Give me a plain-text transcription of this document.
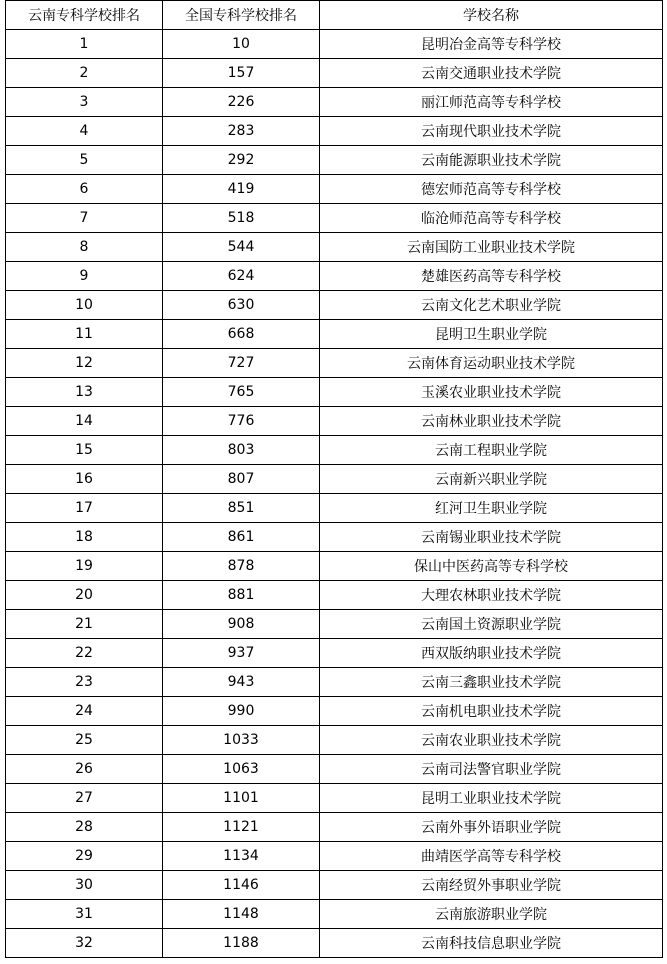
云南专科学校排名	全国专科学校排名	学校名称
1	10	昆明冶金高等专科学校
2	157	云南交通职业技术学院
3	226	丽江师范高等专科学校
4	283	云南现代职业技术学院
5	292	云南能源职业技术学院
6	419	德宏师范高等专科学校
7	518	临沧师范高等专科学校
8	544	云南国防工业职业技术学院
9	624	楚雄医药高等专科学校
10	630	云南文化艺术职业学院
11	668	昆明卫生职业学院
12	727	云南体育运动职业技术学院
13	765	玉溪农业职业技术学院
14	776	云南林业职业技术学院
15	803	云南工程职业学院
16	807	云南新兴职业学院
17	851	红河卫生职业学院
18	861	云南锡业职业技术学院
19	878	保山中医药高等专科学校
20	881	大理农林职业技术学院
21	908	云南国土资源职业学院
22	937	西双版纳职业技术学院
23	943	云南三鑫职业技术学院
24	990	云南机电职业技术学院
25	1033	云南农业职业技术学院
26	1063	云南司法警官职业学院
27	1101	昆明工业职业技术学院
28	1121	云南外事外语职业学院
29	1134	曲靖医学高等专科学校
30	1146	云南经贸外事职业学院
31	1148	云南旅游职业学院
32	1188	云南科技信息职业学院
